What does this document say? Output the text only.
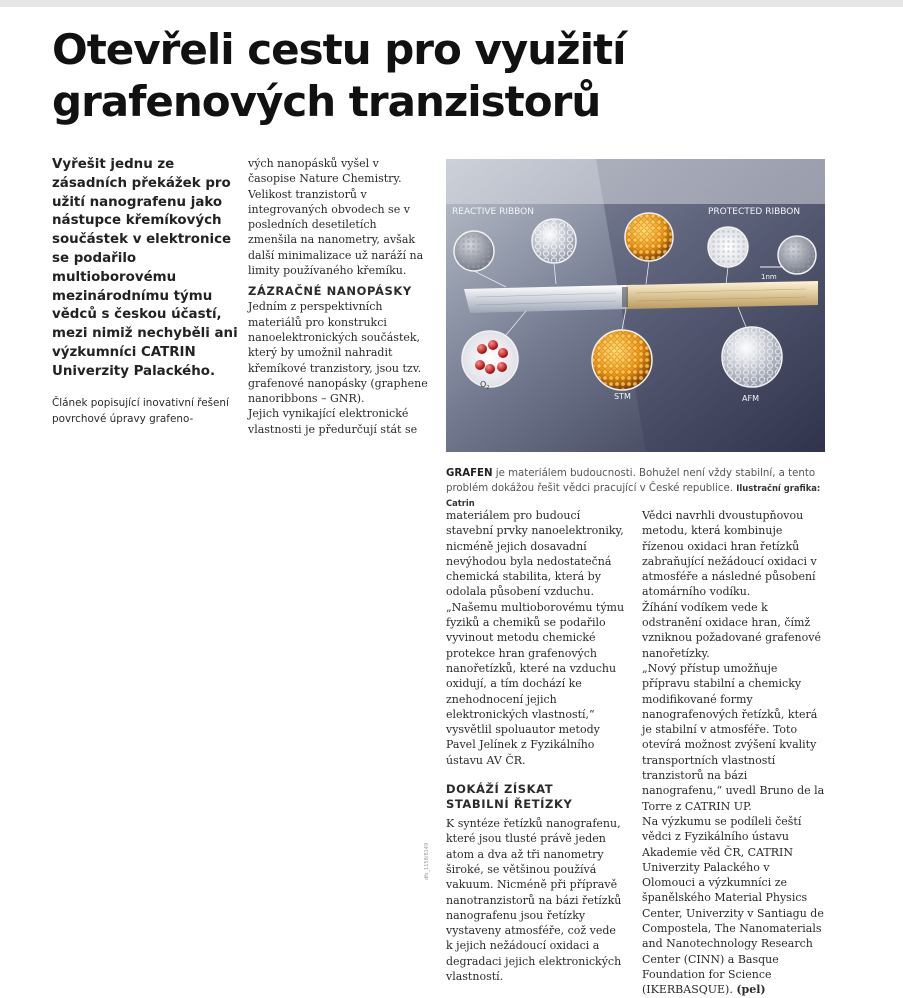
Otevřeli cestu pro využití
grafenových tranzistorů

Vyřešit jednu ze zásadních překážek pro užití nanografenu jako nástupce křemíkových součástek v elektronice se podařilo multioborovému mezinárodnímu týmu vědců s českou účastí, mezi nimiž nechyběli ani výzkumníci CATRIN Univerzity Palackého.

Článek popisující inovativní řešení povrchové úpravy grafeno-

vých nanopásků vyšel v časopise Nature Chemistry.

Velikost tranzistorů v integrovaných obvodech se v posledních desetiletích zmenšila na nanometry, avšak další minimalizace už naráží na limity používaného křemíku.

ZÁZRAČNÉ NANOPÁSKY

Jedním z perspektivních materiálů pro konstrukci nanoelektronických součástek, který by umožnil nahradit křemíkové tranzistory, jsou tzv. grafenové nanopásky (graphene nanoribbons – GNR).

Jejich vynikající elektronické vlastnosti je předurčují stát se

REACTIVE RIBBON	PROTECTED RIBBON
1nm
$O_2$
STM	AFM

GRAFEN je materiálem budoucnosti. Bohužel není vždy stabilní, a tento problém dokážou řešit vědci pracující v České republice. Ilustrační grafika: Catrin

dfs_1158/8149

materiálem pro budoucí stavební prvky nanoelektroniky, nicméně jejich dosavadní nevýhodou byla nedostatečná chemická stabilita, která by odolala působení vzduchu.

„Našemu multioborovému týmu fyziků a chemiků se podařilo vyvinout metodu chemické protekce hran grafenových nanořetízků, které na vzduchu oxidují, a tím dochází ke znehodnocení jejich elektronických vlastností,“ vysvětlil spoluautor metody Pavel Jelínek z Fyzikálního ústavu AV ČR.

DOKÁŽÍ ZÍSKAT STABILNÍ ŘETÍZKY

K syntéze řetízků nanografenu, které jsou tlusté právě jeden atom a dva až tři nanometry široké, se většinou používá vakuum. Nicméně při přípravě nanotranzistorů na bázi řetízků nanografenu jsou řetízky vystaveny atmosféře, což vede k jejich nežádoucí oxidaci a degradaci jejich elektronických vlastností.

Vědci navrhli dvoustupňovou metodu, která kombinuje řízenou oxidaci hran řetízků zabraňující nežádoucí oxidaci v atmosféře a následné působení atomárního vodíku.

Žíhání vodíkem vede k odstranění oxidace hran, čímž vzniknou požadované grafenové nanořetízky.

„Nový přístup umožňuje přípravu stabilní a chemicky modifikované formy nanografenových řetízků, která je stabilní v atmosféře. Toto otevírá možnost zvýšení kvality transportních vlastností tranzistorů na bázi nanografenu,“ uvedl Bruno de la Torre z CATRIN UP.

Na výzkumu se podíleli čeští vědci z Fyzikálního ústavu Akademie věd ČR, CATRIN Univerzity Palackého v Olomouci a výzkumníci ze španělského Material Physics Center, Univerzity v Santiagu de Compostela, The Nanomaterials and Nanotechnology Research Center (CINN) a Basque Foundation for Science (IKERBASQUE). (pel)
